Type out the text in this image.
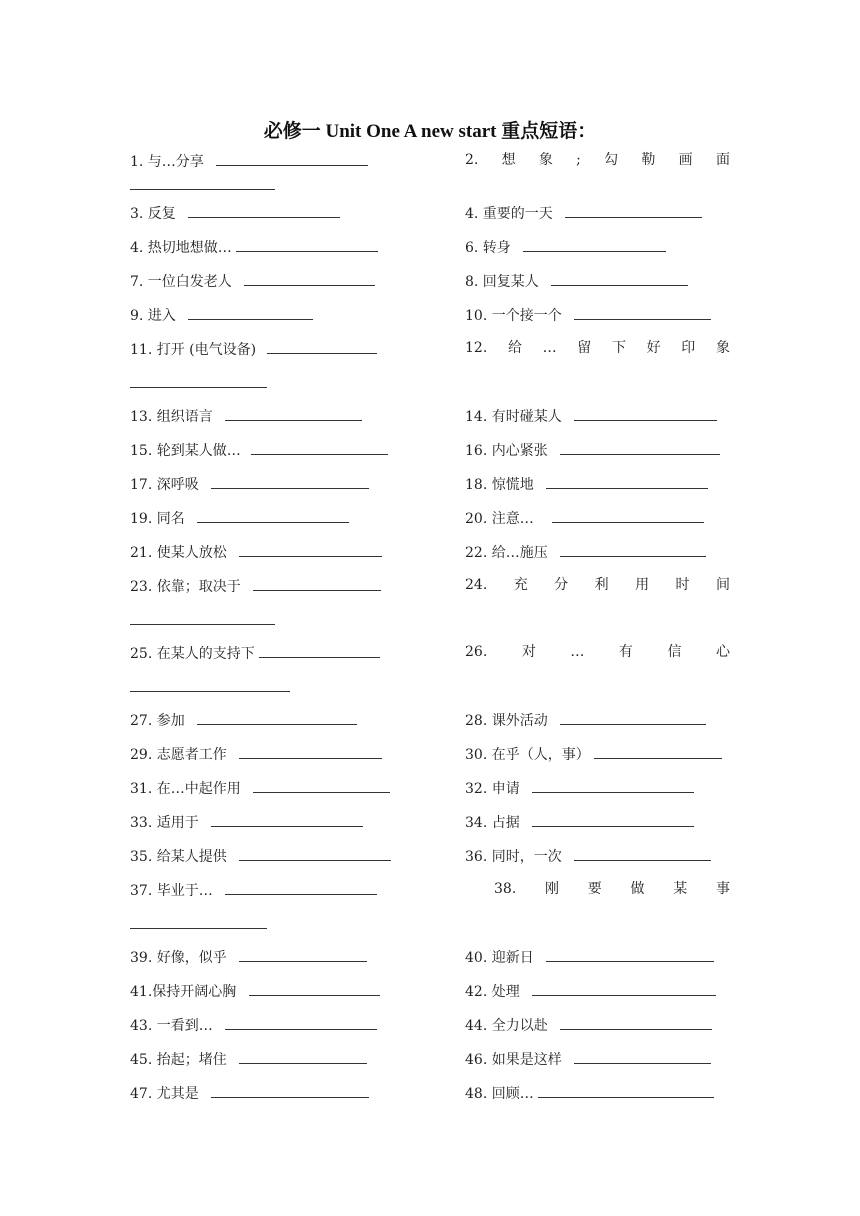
必修一 Unit One A new start 重点短语：
1. 与…分享	2. 想 象 ; 勾 勒 画 面
3. 反复	4. 重要的一天
4. 热切地想做…	6. 转身
7. 一位白发老人	8. 回复某人
9. 进入	10. 一个接一个
11. 打开 (电气设备)	12. 给 … 留 下 好 印 象
13. 组织语言	14. 有时碰某人
15. 轮到某人做…	16. 内心紧张
17. 深呼吸	18. 惊慌地
19. 同名	20. 注意…
21. 使某人放松	22. 给…施压
23. 依靠；取决于	24. 充 分 利 用 时 间
25. 在某人的支持下	26. 对 … 有 信 心
27. 参加	28. 课外活动
29. 志愿者工作	30. 在乎（人，事）
31. 在…中起作用	32. 申请
33. 适用于	34. 占据
35. 给某人提供	36. 同时，一次
37. 毕业于…	38. 刚 要 做 某 事
39. 好像，似乎	40. 迎新日
41.保持开阔心胸	42. 处理
43. 一看到…	44. 全力以赴
45. 抬起；堵住	46. 如果是这样
47. 尤其是	48. 回顾…
